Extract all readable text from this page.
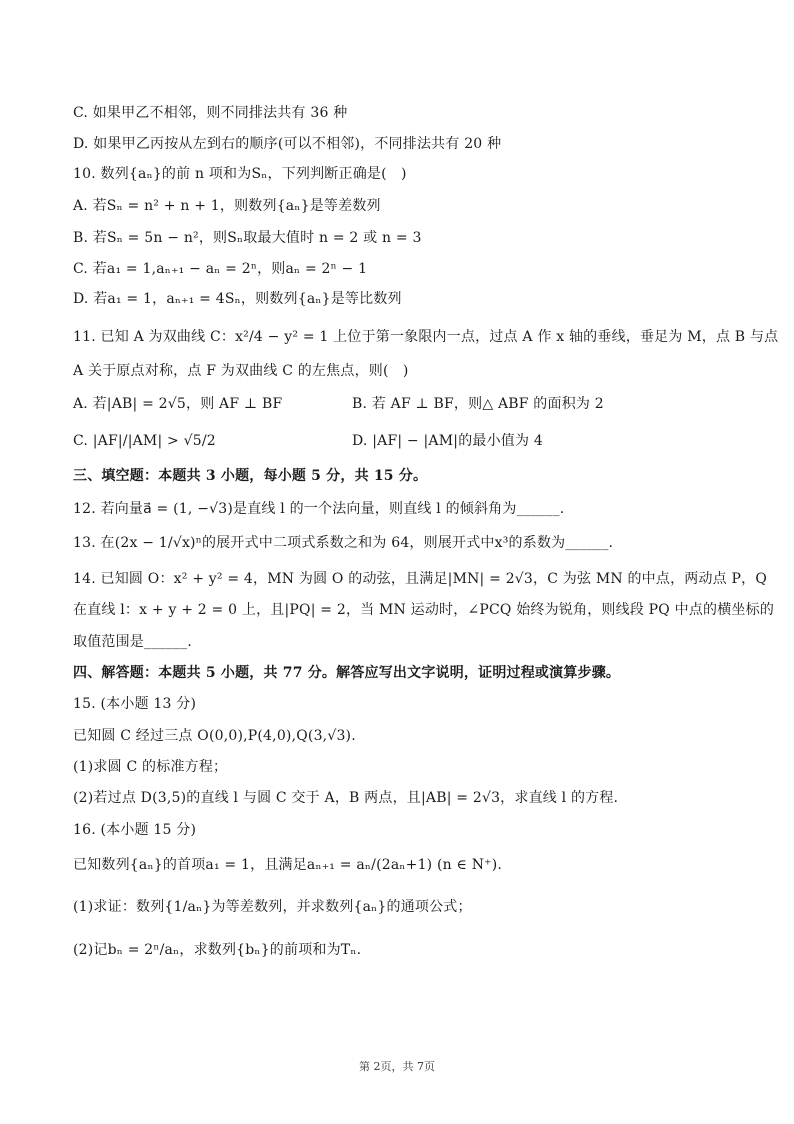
C. 如果甲乙不相邻，则不同排法共有 36 种
D. 如果甲乙丙按从左到右的顺序(可以不相邻)，不同排法共有 20 种
10. 数列{aₙ}的前 n 项和为Sₙ，下列判断正确是(　)
A. 若Sₙ = n² + n + 1，则数列{aₙ}是等差数列
B. 若Sₙ = 5n − n²，则Sₙ取最大值时 n = 2 或 n = 3
C. 若a₁ = 1,aₙ₊₁ − aₙ = 2ⁿ，则aₙ = 2ⁿ − 1
D. 若a₁ = 1，aₙ₊₁ = 4Sₙ，则数列{aₙ}是等比数列
11. 已知 A 为双曲线 C：x²/4 − y² = 1 上位于第一象限内一点，过点 A 作 x 轴的垂线，垂足为 M，点 B 与点
A 关于原点对称，点 F 为双曲线 C 的左焦点，则(　)
A. 若|AB| = 2√5，则 AF ⊥ BF	B. 若 AF ⊥ BF，则△ ABF 的面积为 2
C. |AF|/|AM| > √5/2	D. |AF| − |AM|的最小值为 4
三、填空题：本题共 3 小题，每小题 5 分，共 15 分。
12. 若向量a⃗ = (1, −√3)是直线 l 的一个法向量，则直线 l 的倾斜角为______.
13. 在(2x − 1/√x)ⁿ的展开式中二项式系数之和为 64，则展开式中x³的系数为______.
14. 已知圆 O：x² + y² = 4，MN 为圆 O 的动弦，且满足|MN| = 2√3，C 为弦 MN 的中点，两动点 P，Q
在直线 l：x + y + 2 = 0 上，且|PQ| = 2，当 MN 运动时，∠PCQ 始终为锐角，则线段 PQ 中点的横坐标的
取值范围是______.
四、解答题：本题共 5 小题，共 77 分。解答应写出文字说明，证明过程或演算步骤。
15. (本小题 13 分)
已知圆 C 经过三点 O(0,0),P(4,0),Q(3,√3).
(1)求圆 C 的标准方程；
(2)若过点 D(3,5)的直线 l 与圆 C 交于 A，B 两点，且|AB| = 2√3，求直线 l 的方程.
16. (本小题 15 分)
已知数列{aₙ}的首项a₁ = 1，且满足aₙ₊₁ = aₙ/(2aₙ+1) (n ∈ N⁺).
(1)求证：数列{1/aₙ}为等差数列，并求数列{aₙ}的通项公式；
(2)记bₙ = 2ⁿ/aₙ，求数列{bₙ}的前项和为Tₙ.
第 2页，共 7页
